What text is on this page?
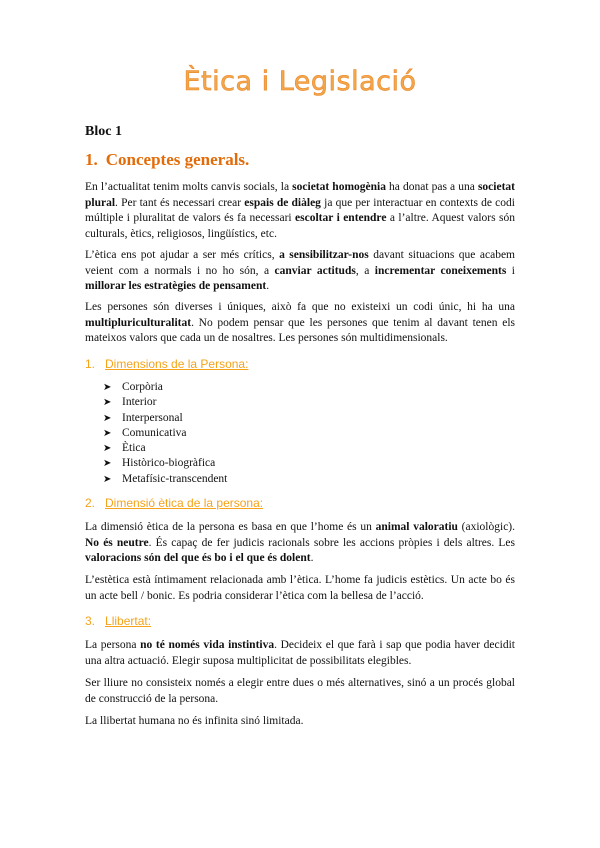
Ètica i Legislació
Bloc 1
1. Conceptes generals.

En l’actualitat tenim molts canvis socials, la societat homogènia ha donat pas a una societat plural. Per tant és necessari crear espais de diàleg ja que per interactuar en contexts de codi múltiple i pluralitat de valors és fa necessari escoltar i entendre a l’altre. Aquest valors són culturals, ètics, religiosos, lingüístics, etc.

L’ètica ens pot ajudar a ser més crítics, a sensibilitzar-nos davant situacions que acabem veient com a normals i no ho són, a canviar actituds, a incrementar coneixements i millorar les estratègies de pensament.

Les persones són diverses i úniques, això fa que no existeixi un codi únic, hi ha una multipluriculturalitat. No podem pensar que les persones que tenim al davant tenen els mateixos valors que cada un de nosaltres. Les persones són multidimensionals.

1. Dimensions de la Persona:
➤ Corpòria
➤ Interior
➤ Interpersonal
➤ Comunicativa
➤ Ètica
➤ Històrico-biogràfica
➤ Metafísic-transcendent
2. Dimensió ètica de la persona:

La dimensió ètica de la persona es basa en que l’home és un animal valoratiu (axiològic). No és neutre. És capaç de fer judicis racionals sobre les accions pròpies i dels altres. Les valoracions són del que és bo i el que és dolent.

L’estètica està íntimament relacionada amb l’ètica. L’home fa judicis estètics. Un acte bo és un acte bell / bonic. Es podria considerar l’ètica com la bellesa de l’acció.

3. Llibertat:

La persona no té només vida instintiva. Decideix el que farà i sap que podia haver decidit una altra actuació. Elegir suposa multiplicitat de possibilitats elegibles.

Ser lliure no consisteix només a elegir entre dues o més alternatives, sinó a un procés global de construcció de la persona.

La llibertat humana no és infinita sinó limitada.
